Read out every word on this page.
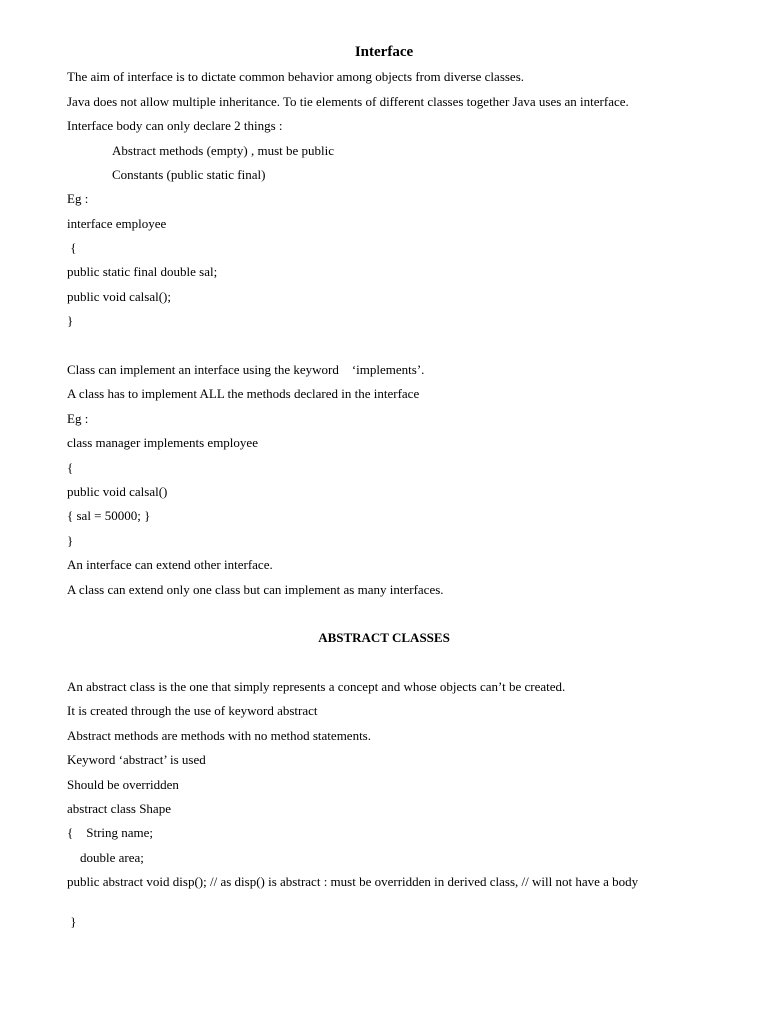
Interface
The aim of interface is to dictate common behavior among objects from diverse classes.
Java does not allow multiple inheritance. To tie elements of different classes together Java uses an interface.
Interface body can only declare 2 things :
Abstract methods (empty) , must be public
Constants (public static final)
Eg :
interface employee
{
public static final double sal;
public void calsal();
}
Class can implement an interface using the keyword    ‘implements’.
A class has to implement ALL the methods declared in the interface
Eg :
class manager implements employee
{
public void calsal()
{ sal = 50000; }
}
An interface can extend other interface.
A class can extend only one class but can implement as many interfaces.
ABSTRACT CLASSES
An abstract class is the one that simply represents a concept and whose objects can’t be created.
It is created through the use of keyword abstract
Abstract methods are methods with no method statements.
Keyword ‘abstract’ is used
Should be overridden
abstract class Shape
{    String name;
double area;
public abstract void disp(); // as disp() is abstract : must be overridden in derived class, // will not have a body
}
